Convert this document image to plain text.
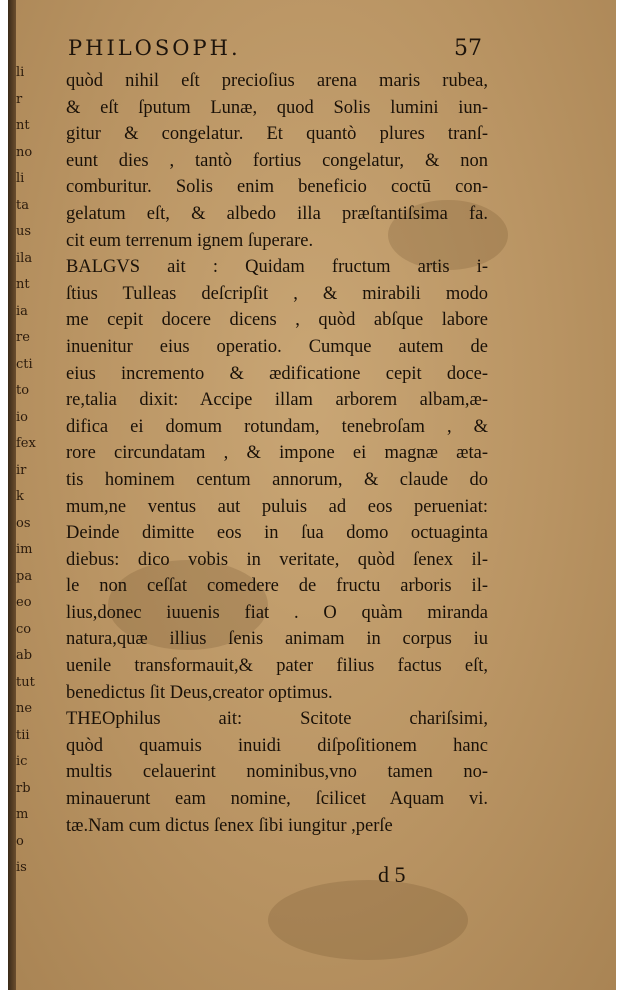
li
r
nt
no
li
ta
us
ila
nt
ia
re
cti
to
io
fex
ir
k
os
im
pa
eo
co
ab
tut
ne
tii
ic
rb
m
o
is
PHILOSOPH.	57
quòd nihil eſt precioſius arena maris rubea,
& eſt ſputum Lunæ, quod Solis lumini iun-
gitur & congelatur. Et quantò plures tranſ-
eunt dies , tantò fortius congelatur, & non
comburitur. Solis enim beneficio coctū con-
gelatum eſt, & albedo illa præſtantiſsima fa.
cit eum terrenum ignem ſuperare.
BALGVS ait : Quidam fructum artis i-
ſtius Tulleas deſcripſit , & mirabili modo
me cepit docere dicens , quòd abſque labore
inuenitur eius operatio. Cumque autem de
eius incremento & ædificatione cepit doce-
re,talia dixit: Accipe illam arborem albam,æ-
difica ei domum rotundam, tenebroſam , &
rore circundatam , & impone ei magnæ æta-
tis hominem centum annorum, & claude do
mum,ne ventus aut puluis ad eos perueniat:
Deinde dimitte eos in ſua domo octuaginta
diebus: dico vobis in veritate, quòd ſenex il-
le non ceſſat comedere de fructu arboris il-
lius,donec iuuenis fiat . O quàm miranda
natura,quæ illius ſenis animam in corpus iu
uenile transformauit,& pater filius factus eſt,
benedictus ſit Deus,creator optimus.
THEOphilus ait: Scitote chariſsimi,
quòd quamuis inuidi diſpoſitionem hanc
multis celauerint nominibus,vno tamen no-
minauerunt eam nomine, ſcilicet Aquam vi.
tæ.Nam cum dictus ſenex ſibi iungitur ,perſe
d 5
